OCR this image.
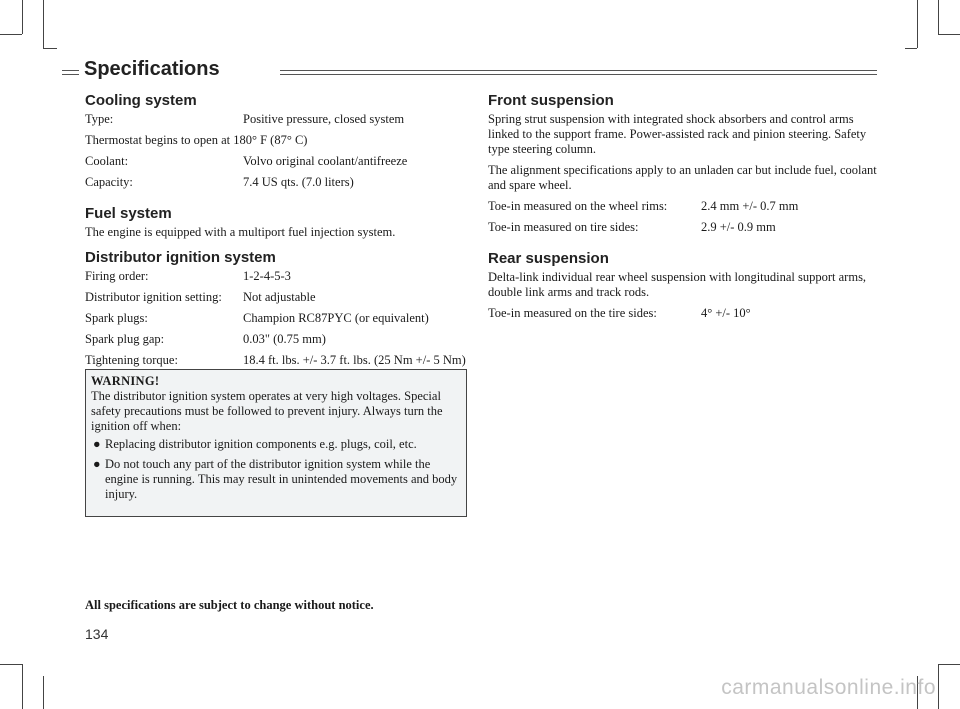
Specifications
Cooling system
Type:	Positive pressure, closed system
Thermostat begins to open at 180° F (87° C)	
Coolant:	Volvo original coolant/antifreeze
Capacity:	7.4 US qts. (7.0 liters)
Fuel system

The engine is equipped with a multiport fuel injection system.

Distributor ignition system
Firing order:	1-2-4-5-3
Distributor ignition setting:	Not adjustable
Spark plugs:	Champion RC87PYC (or equivalent)
Spark plug gap:	0.03" (0.75 mm)
Tightening torque:	18.4 ft. lbs. +/- 3.7 ft. lbs. (25 Nm +/- 5 Nm)
WARNING!
The distributor ignition system operates at very high voltages. Special safety precautions must be followed to prevent injury. Always turn the ignition off when:
● Replacing distributor ignition components e.g. plugs, coil, etc.
● Do not touch any part of the distributor ignition system while the engine is running. This may result in unintended movements and body injury.
All specifications are subject to change without notice.
134
Front suspension

Spring strut suspension with integrated shock absorbers and control arms linked to the support frame. Power-assisted rack and pinion steering. Safety type steering column.

The alignment specifications apply to an unladen car but include fuel, coolant and spare wheel.

Toe-in measured on the wheel rims:	2.4 mm +/- 0.7 mm
Toe-in measured on tire sides:	2.9 +/- 0.9 mm
Rear suspension

Delta-link individual rear wheel suspension with longitudinal support arms, double link arms and track rods.

Toe-in measured on the tire sides:	4° +/- 10°
carmanualsonline.info
